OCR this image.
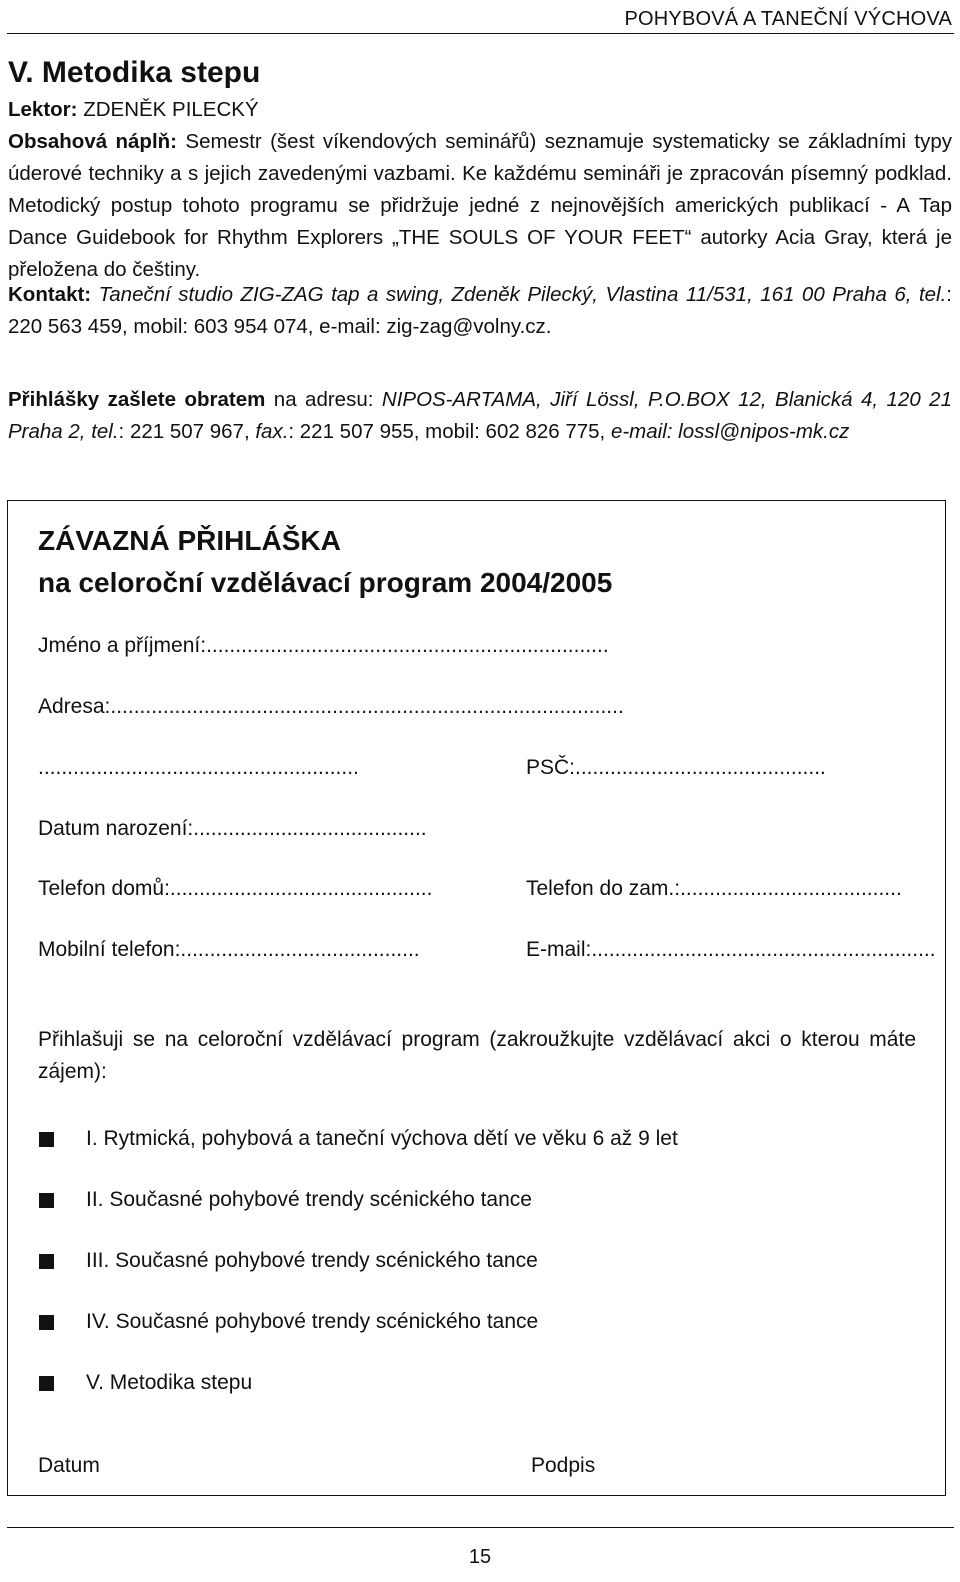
POHYBOVÁ A TANEČNÍ VÝCHOVA
V. Metodika stepu
Lektor: ZDENĚK PILECKÝ
Obsahová náplň: Semestr (šest víkendových seminářů) seznamuje systematicky se základními typy úderové techniky a s jejich zavedenými vazbami. Ke každému semináři je zpracován písemný podklad. Metodický postup tohoto programu se přidržuje jedné z nejnovějších amerických publikací - A Tap Dance Guidebook for Rhythm Explorers „THE SOULS OF YOUR FEET“ autorky Acia Gray, která je přeložena do češtiny.
Kontakt: Taneční studio ZIG-ZAG tap a swing, Zdeněk Pilecký, Vlastina 11/531, 161 00 Praha 6, tel.: 220 563 459, mobil: 603 954 074, e-mail: zig-zag@volny.cz.
Přihlášky zašlete obratem na adresu: NIPOS-ARTAMA, Jiří Lössl, P.O.BOX 12, Blanická 4, 120 21 Praha 2, tel.: 221 507 967, fax.: 221 507 955, mobil: 602 826 775, e-mail: lossl@nipos-mk.cz
ZÁVAZNÁ PŘIHLÁŠKA
na celoroční vzdělávací program 2004/2005
Jméno a příjmení:.....................................................................
Adresa:........................................................................................
.......................................................	PSČ:...........................................
Datum narození:........................................
Telefon domů:.............................................	Telefon do zam.:......................................
Mobilní telefon:.........................................	E-mail:...........................................................
Přihlašuji se na celoroční vzdělávací program (zakroužkujte vzdělávací akci o kterou máte zájem):
I. Rytmická, pohybová a taneční výchova dětí ve věku 6 až 9 let
II. Současné pohybové trendy scénického tance
III. Současné pohybové trendy scénického tance
IV. Současné pohybové trendy scénického tance
V. Metodika stepu
Datum	Podpis
15
